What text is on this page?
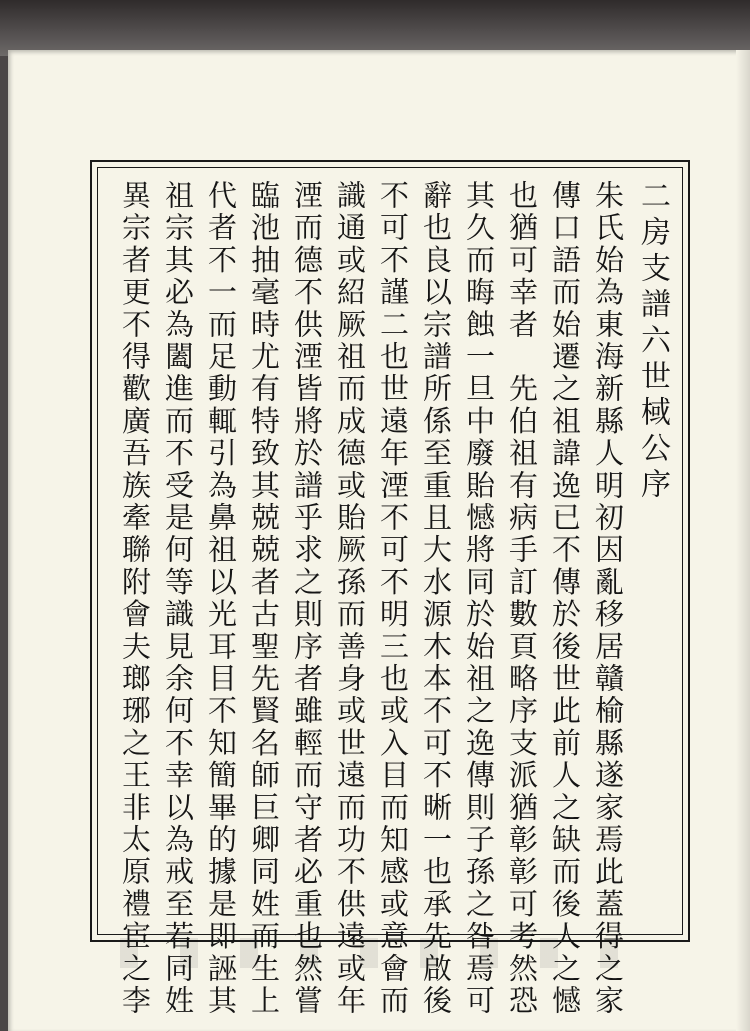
二房支譜六世棫公序
朱氏始為東海新縣人明初因亂移居贛榆縣遂家焉此蓋得之家
傳口語而始遷之祖諱𨓜已不傳於後世此前人之缺而後人之憾
也猶可幸者　先伯祖有病手訂數頁略序支派猶彰彰可考然恐
其久而晦蝕一旦中廢貽憾將同於始祖之𨓜傳則子孫之咎焉可
辭也良以宗譜所係至重且大水源木本不可不晰一也承先啟後
不可不謹二也世遠年湮不可不明三也或入目而知感或意會而
識通或紹厥祖而成德或貽厥孫而善身或世遠而功不供遠或年
湮而德不供湮皆將於譜乎求之則序者雖輕而守者必重也然嘗
臨池抽毫時尤有特致其兢兢者古聖先賢名師巨卿同姓而生上
代者不一而足動輒引為鼻祖以光耳目不知簡畢的據是即誣其
祖宗其必為闔進而不受是何等識見余何不幸以為戒至若同姓
異宗者更不得歡廣吾族牽聯附會夫瑯琊之王非太原禮宦之李
